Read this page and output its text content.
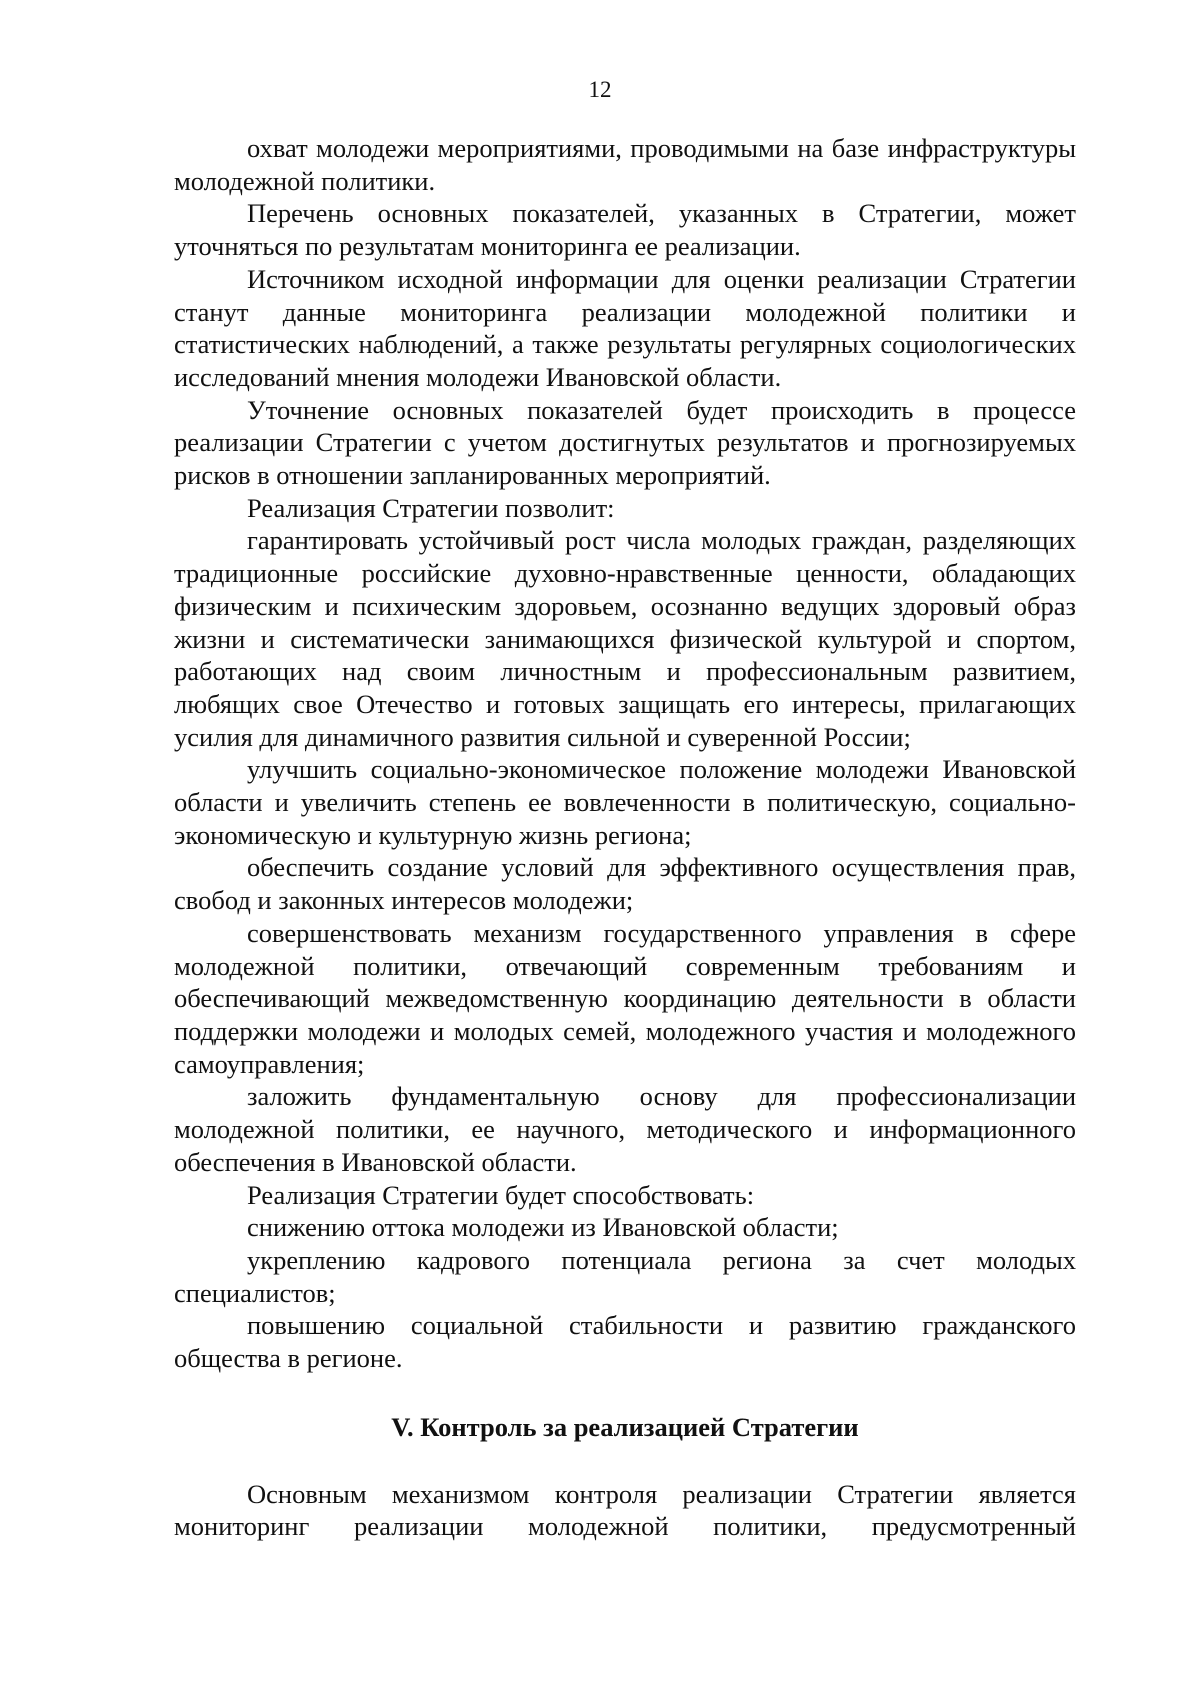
12

охват молодежи мероприятиями, проводимыми на базе инфраструктуры молодежной политики.

Перечень основных показателей, указанных в Стратегии, может уточняться по результатам мониторинга ее реализации.

Источником исходной информации для оценки реализации Стратегии станут данные мониторинга реализации молодежной политики и статистических наблюдений, а также результаты регулярных социологических исследований мнения молодежи Ивановской области.

Уточнение основных показателей будет происходить в процессе реализации Стратегии с учетом достигнутых результатов и прогнозируемых рисков в отношении запланированных мероприятий.

Реализация Стратегии позволит:

гарантировать устойчивый рост числа молодых граждан, разделяющих традиционные российские духовно-нравственные ценности, обладающих физическим и психическим здоровьем, осознанно ведущих здоровый образ жизни и систематически занимающихся физической культурой и спортом, работающих над своим личностным и профессиональным развитием, любящих свое Отечество и готовых защищать его интересы, прилагающих усилия для динамичного развития сильной и суверенной России;

улучшить социально-экономическое положение молодежи Ивановской области и увеличить степень ее вовлеченности в политическую, социально-экономическую и культурную жизнь региона;

обеспечить создание условий для эффективного осуществления прав, свобод и законных интересов молодежи;

совершенствовать механизм государственного управления в сфере молодежной политики, отвечающий современным требованиям и обеспечивающий межведомственную координацию деятельности в области поддержки молодежи и молодых семей, молодежного участия и молодежного самоуправления;

заложить фундаментальную основу для профессионализации молодежной политики, ее научного, методического и информационного обеспечения в Ивановской области.

Реализация Стратегии будет способствовать:

снижению оттока молодежи из Ивановской области;

укреплению кадрового потенциала региона за счет молодых специалистов;

повышению социальной стабильности и развитию гражданского общества в регионе.

V. Контроль за реализацией Стратегии

Основным механизмом контроля реализации Стратегии является мониторинг реализации молодежной политики, предусмотренный
